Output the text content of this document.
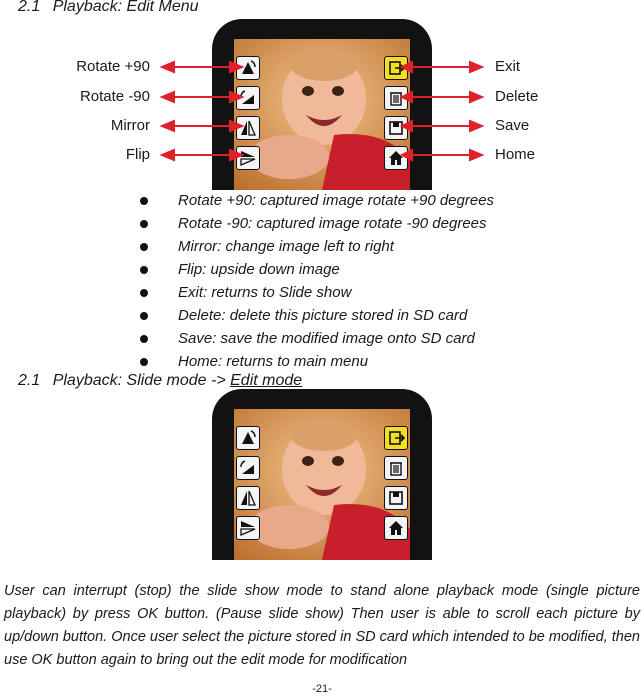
2.1 Playback: Edit Menu
Rotate +90
Rotate -90
Mirror
Flip
Exit
Delete
Save
Home
Rotate +90: captured image rotate +90 degrees
Rotate -90: captured image rotate -90 degrees
Mirror: change image left to right
Flip: upside down image
Exit: returns to Slide show
Delete: delete this picture stored in SD card
Save: save the modified image onto SD card
Home: returns to main menu
2.1 Playback: Slide mode -> Edit mode

User can interrupt (stop) the slide show mode to stand alone playback mode (single picture playback) by press OK button. (Pause slide show) Then user is able to scroll each picture by up/down button. Once user select the picture stored in SD card which intended to be modified, then use OK button again to bring out the edit mode for modification

-21-
